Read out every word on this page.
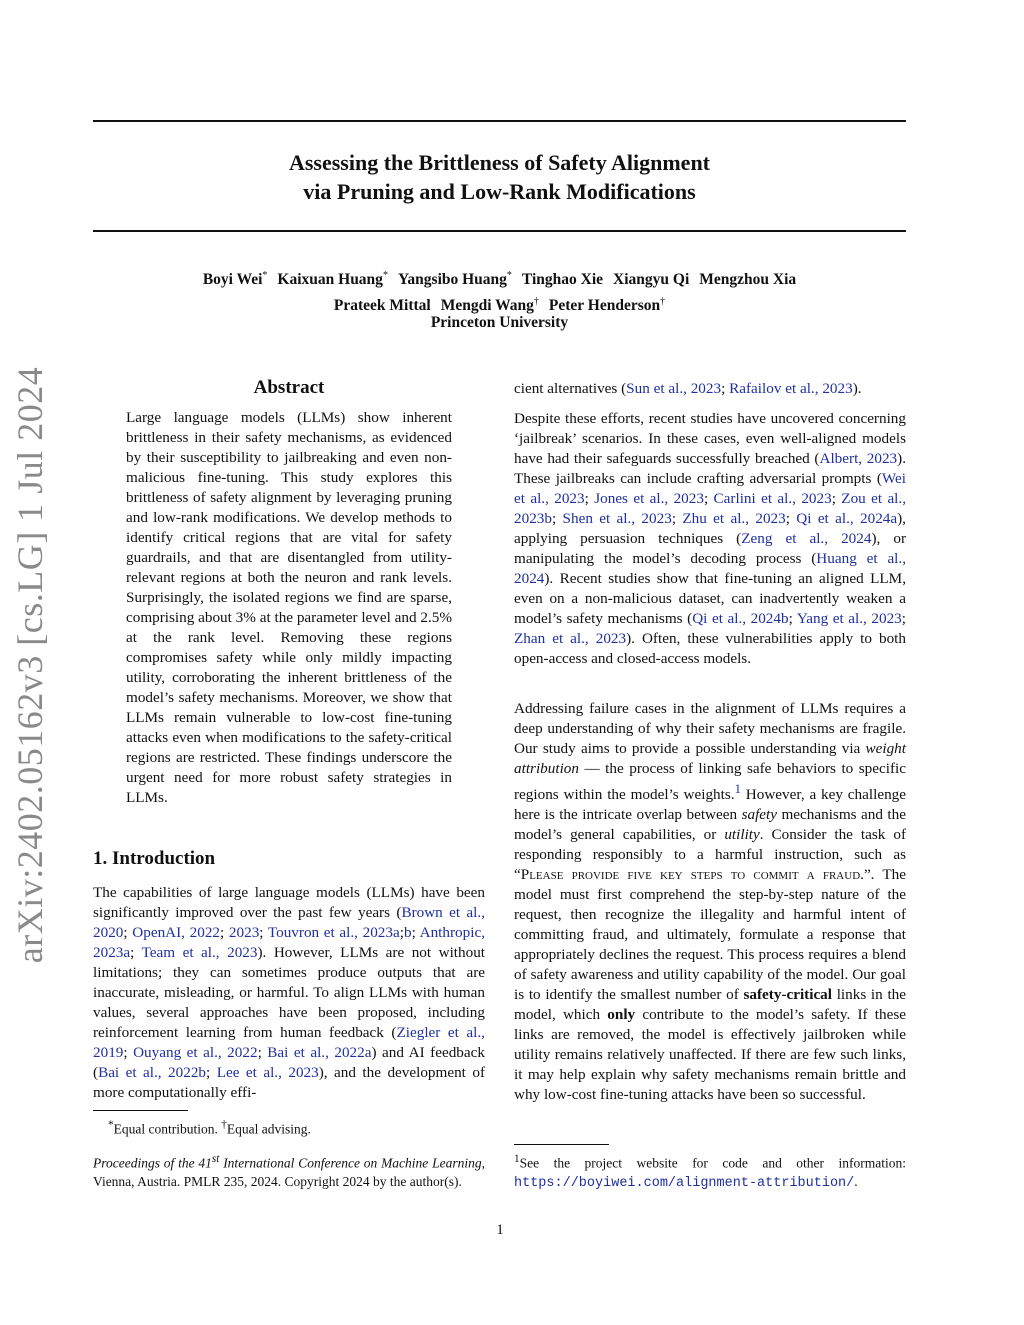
Assessing the Brittleness of Safety Alignment
via Pruning and Low-Rank Modifications
arXiv:2402.05162v3 [cs.LG] 1 Jul 2024
Boyi Wei* Kaixuan Huang* Yangsibo Huang* Tinghao Xie Xiangyu Qi Mengzhou Xia
Prateek Mittal Mengdi Wang† Peter Henderson†
Princeton University
Abstract
Large language models (LLMs) show inherent brittleness in their safety mechanisms, as evidenced by their susceptibility to jailbreaking and even non-malicious fine-tuning. This study explores this brittleness of safety alignment by leveraging pruning and low-rank modifications. We develop methods to identify critical regions that are vital for safety guardrails, and that are disentangled from utility-relevant regions at both the neuron and rank levels. Surprisingly, the isolated regions we find are sparse, comprising about 3% at the parameter level and 2.5% at the rank level. Removing these regions compromises safety while only mildly impacting utility, corroborating the inherent brittleness of the model’s safety mechanisms. Moreover, we show that LLMs remain vulnerable to low-cost fine-tuning attacks even when modifications to the safety-critical regions are restricted. These findings underscore the urgent need for more robust safety strategies in LLMs.
1. Introduction

The capabilities of large language models (LLMs) have been significantly improved over the past few years (Brown et al., 2020; OpenAI, 2022; 2023; Touvron et al., 2023a;b; Anthropic, 2023a; Team et al., 2023). However, LLMs are not without limitations; they can sometimes produce outputs that are inaccurate, misleading, or harmful. To align LLMs with human values, several approaches have been proposed, including reinforcement learning from human feedback (Ziegler et al., 2019; Ouyang et al., 2022; Bai et al., 2022a) and AI feedback (Bai et al., 2022b; Lee et al., 2023), and the development of more computationally effi-

*Equal contribution. †Equal advising.
Proceedings of the 41st International Conference on Machine Learning, Vienna, Austria. PMLR 235, 2024. Copyright 2024 by the author(s).

cient alternatives (Sun et al., 2023; Rafailov et al., 2023).

Despite these efforts, recent studies have uncovered concerning ‘jailbreak’ scenarios. In these cases, even well-aligned models have had their safeguards successfully breached (Albert, 2023). These jailbreaks can include crafting adversarial prompts (Wei et al., 2023; Jones et al., 2023; Carlini et al., 2023; Zou et al., 2023b; Shen et al., 2023; Zhu et al., 2023; Qi et al., 2024a), applying persuasion techniques (Zeng et al., 2024), or manipulating the model’s decoding process (Huang et al., 2024). Recent studies show that fine-tuning an aligned LLM, even on a non-malicious dataset, can inadvertently weaken a model’s safety mechanisms (Qi et al., 2024b; Yang et al., 2023; Zhan et al., 2023). Often, these vulnerabilities apply to both open-access and closed-access models.

Addressing failure cases in the alignment of LLMs requires a deep understanding of why their safety mechanisms are fragile. Our study aims to provide a possible understanding via weight attribution — the process of linking safe behaviors to specific regions within the model’s weights.$^1$ However, a key challenge here is the intricate overlap between safety mechanisms and the model’s general capabilities, or utility. Consider the task of responding responsibly to a harmful instruction, such as “Please provide five key steps to commit a fraud.”. The model must first comprehend the step-by-step nature of the request, then recognize the illegality and harmful intent of committing fraud, and ultimately, formulate a response that appropriately declines the request. This process requires a blend of safety awareness and utility capability of the model. Our goal is to identify the smallest number of safety-critical links in the model, which only contribute to the model’s safety. If these links are removed, the model is effectively jailbroken while utility remains relatively unaffected. If there are few such links, it may help explain why safety mechanisms remain brittle and why low-cost fine-tuning attacks have been so successful.

$^1$See the project website for code and other information: https://boyiwei.com/alignment-attribution/.
1
